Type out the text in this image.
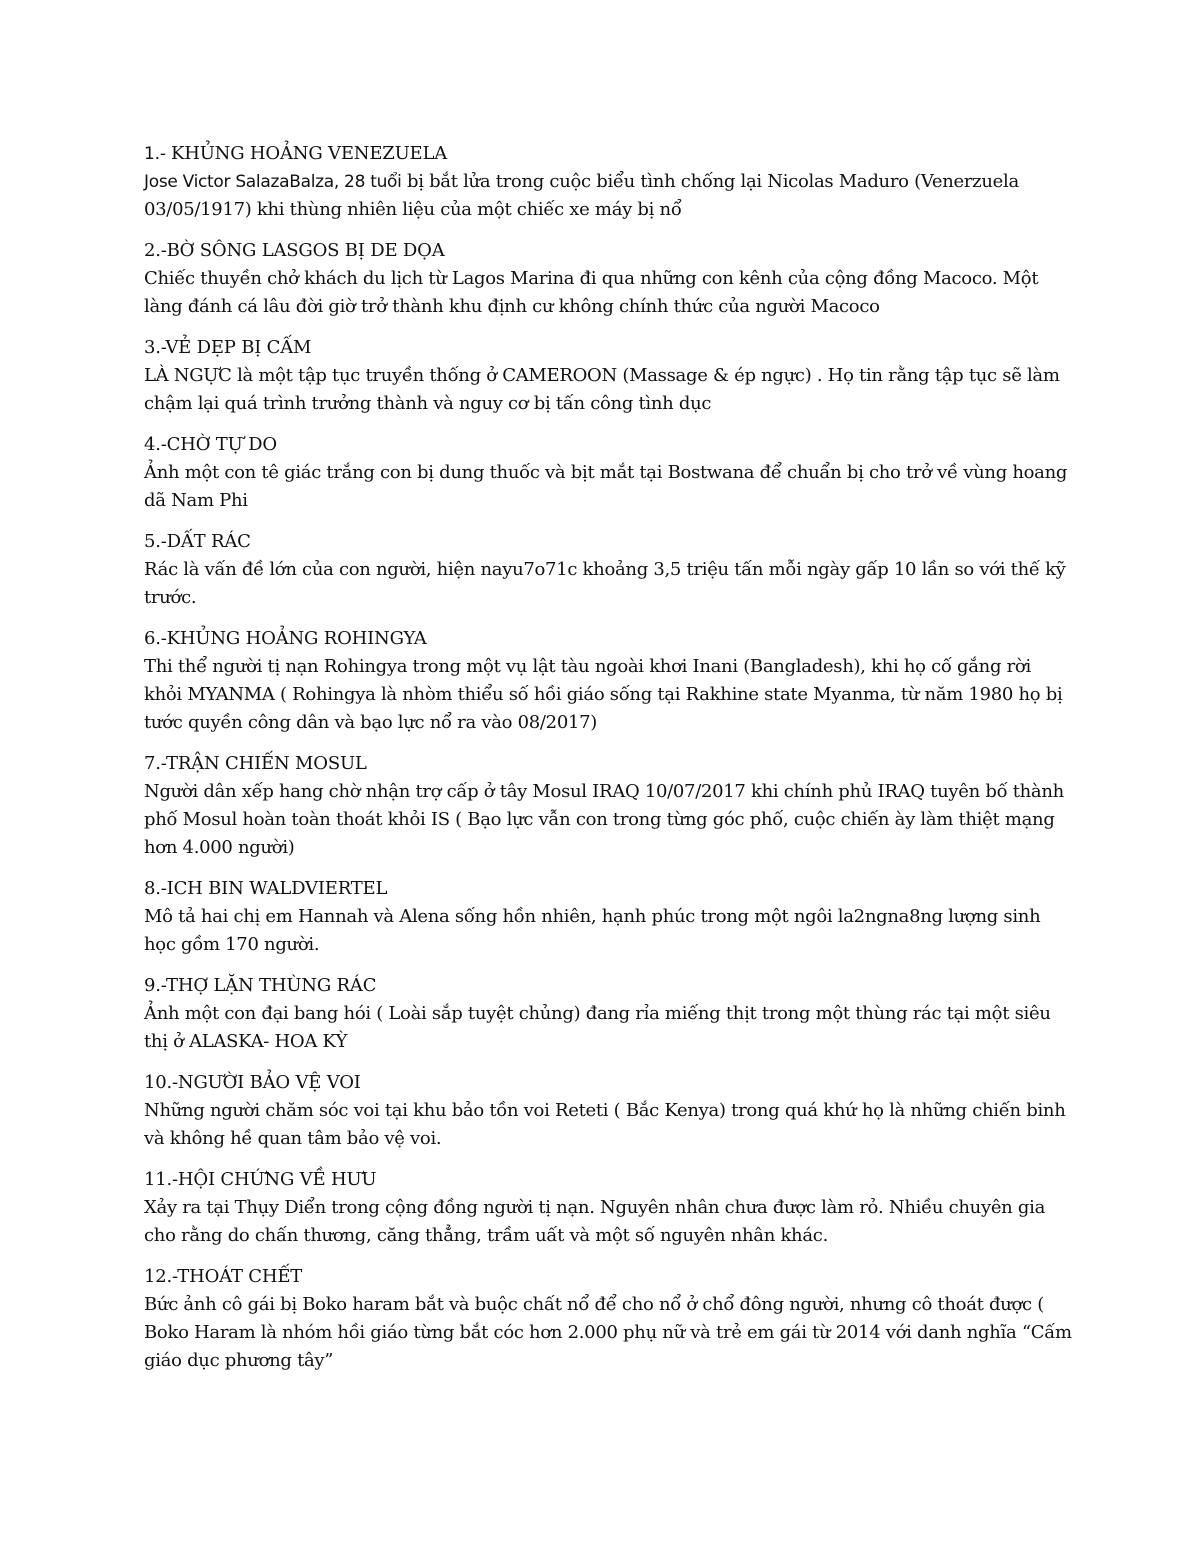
1.- KHỦNG HOẢNG VENEZUELA
Jose Victor SalazaBalza, 28 tuổi bị bắt lửa trong cuộc biểu tình chống lại Nicolas Maduro (Venerzuela 03/05/1917) khi thùng nhiên liệu của một chiếc xe máy bị nổ
2.-BỜ SÔNG LASGOS BỊ DE DỌA
Chiếc thuyền chở khách du lịch từ Lagos Marina đi qua những con kênh của cộng đồng Macoco. Một làng đánh cá lâu đời giờ trở thành khu định cư không chính thức của người Macoco
3.-VẺ DẸP BỊ CẤM
LÀ NGỰC là một tập tục truyền thống ở CAMEROON (Massage & ép ngực) . Họ tin rằng tập tục sẽ làm chậm lại quá trình trưởng thành và nguy cơ bị tấn công tình dục
4.-CHỜ TỰ DO
Ảnh một con tê giác trắng con bị dung thuốc và bịt mắt tại Bostwana để chuẩn bị cho trở về vùng hoang dã Nam Phi
5.-DẤT RÁC
Rác là vấn đề lớn của con người, hiện nayu7o71c khoảng 3,5 triệu tấn mỗi ngày gấp 10 lần so với thế kỹ trước.
6.-KHỦNG HOẢNG ROHINGYA
Thi thể người tị nạn Rohingya trong một vụ lật tàu ngoài khơi Inani (Bangladesh), khi họ cố gắng rời khỏi MYANMA ( Rohingya là nhòm thiểu số hồi giáo sống tại Rakhine state Myanma, từ năm 1980 họ bị tước quyền công dân và bạo lực nổ ra vào 08/2017)
7.-TRẬN CHIẾN MOSUL
Người dân xếp hang chờ nhận trợ cấp ở tây Mosul IRAQ 10/07/2017 khi chính phủ IRAQ tuyên bố thành phố Mosul hoàn toàn thoát khỏi IS ( Bạo lực vẫn con trong từng góc phố, cuộc chiến ày làm thiệt mạng hơn 4.000 người)
8.-ICH BIN WALDVIERTEL
Mô tả hai chị em Hannah và Alena sống hồn nhiên, hạnh phúc trong một ngôi la2ngna8ng lượng sinh học gồm 170 người.
9.-THỢ LẶN THÙNG RÁC
Ảnh một con đại bang hói ( Loài sắp tuyệt chủng) đang rỉa miếng thịt trong một thùng rác tại một siêu thị ở ALASKA- HOA KỲ
10.-NGƯỜI BẢO VỆ VOI
Những người chăm sóc voi tại khu bảo tồn voi Reteti ( Bắc Kenya) trong quá khứ họ là những chiến binh và không hề quan tâm bảo vệ voi.
11.-HỘI CHỨNG VỀ HƯU
Xảy ra tại Thụy Diển trong cộng đồng người tị nạn. Nguyên nhân chưa được làm rỏ. Nhiều chuyên gia cho rằng do chấn thương, căng thẳng, trầm uất và một số nguyên nhân khác.
12.-THOÁT CHẾT
Bức ảnh cô gái bị Boko haram bắt và buộc chất nổ để cho nổ ở chổ đông người, nhưng cô thoát được ( Boko Haram là nhóm hồi giáo từng bắt cóc hơn 2.000 phụ nữ và trẻ em gái từ 2014 với danh nghĩa “Cấm giáo dục phương tây”
